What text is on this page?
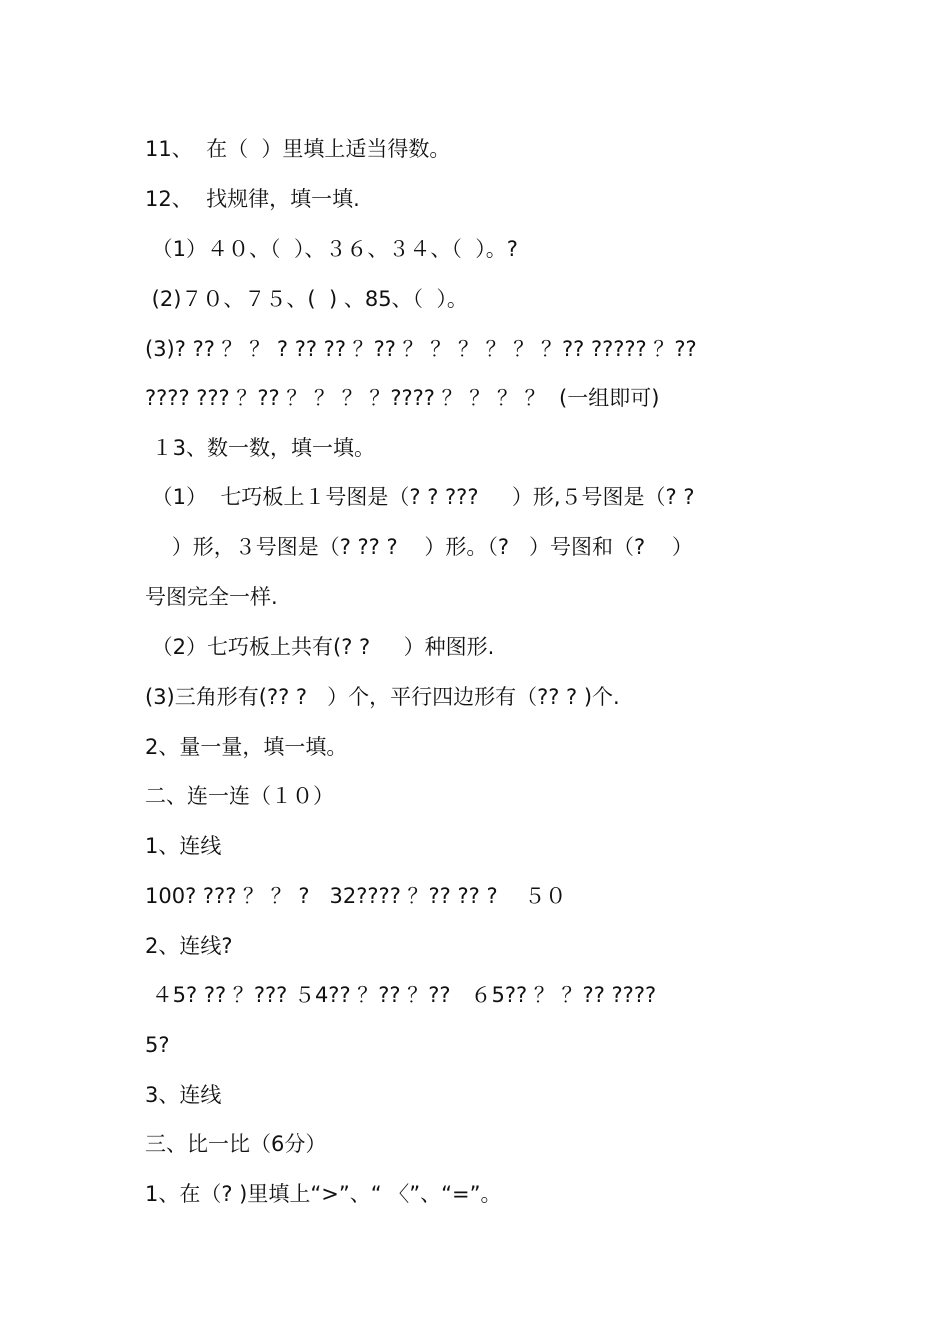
11、  在（  ）里填上适当得数。
12、  找规律，填一填.
（1）４０、（  ）、３６、３４、（  ）。?
(2)７０、７５、(  ) 、85、（  ）。
(3)? ?? ？ ？ ? ?? ?? ？?? ？ ？ ？ ？ ？ ？?? ????? ？??
???? ??? ？?? ？ ？ ？ ？???? ？ ？ ？ ？  (一组即可)
１3、数一数，填一填。
（1）  七巧板上１号图是（? ? ???     ）形,５号图是（? ?
）形，３号图是（? ?? ?    ）形。（?   ）号图和（?    ）
号图完全一样.
（2）七巧板上共有(? ?     ）种图形.
(3)三角形有(?? ?   ）个，平行四边形有（?? ? )个.
2、量一量，填一填。
二、连一连（１０）
1、连线
100? ??? ？ ？ ?   32???? ？?? ?? ?    ５０
2、连线?
４5? ?? ？??? ５4?? ？?? ？??   ６5?? ？ ？?? ????
5?
3、连线
三、比一比（6分）
1、在（? )里填上“>”、“ 〈”、“=”。
